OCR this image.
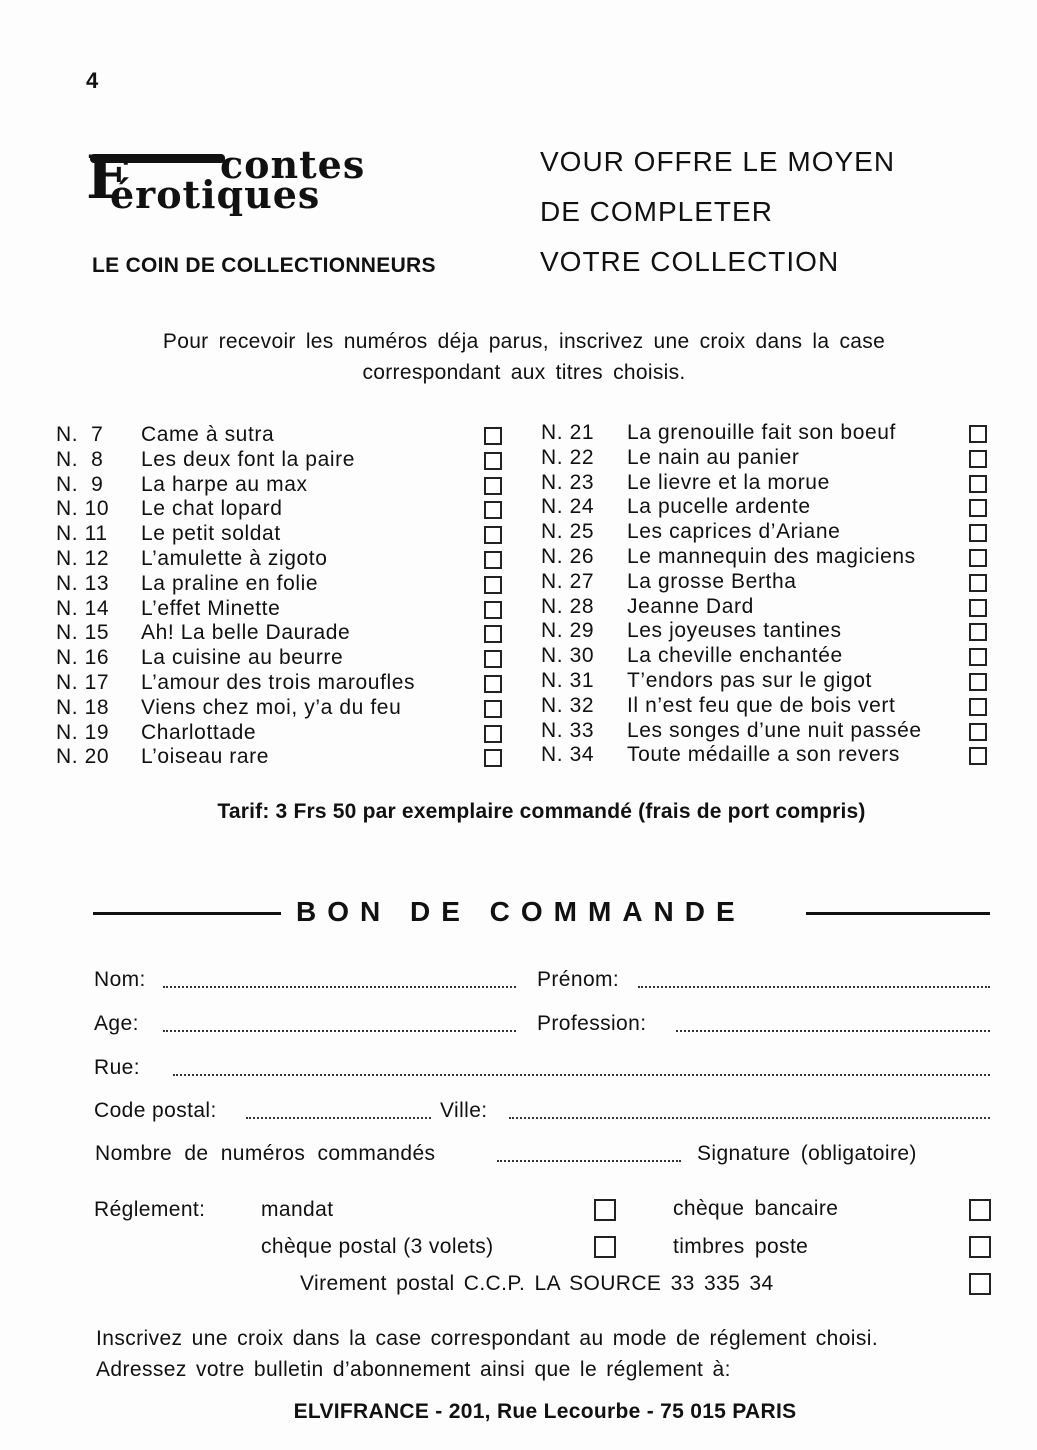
4
F contes
érotiques
LE COIN DE COLLECTIONNEURS
VOUR OFFRE LE MOYEN
DE COMPLETER
VOTRE COLLECTION
Pour recevoir les numéros déja parus, inscrivez une croix dans la case
correspondant aux titres choisis.
N.  7 Came à sutra
N.  8 Les deux font la paire
N.  9 La harpe au max
N. 10 Le chat lopard
N. 11 Le petit soldat
N. 12 L’amulette à zigoto
N. 13 La praline en folie
N. 14 L’effet Minette
N. 15 Ah! La belle Daurade
N. 16 La cuisine au beurre
N. 17 L’amour des trois maroufles
N. 18 Viens chez moi, y’a du feu
N. 19 Charlottade
N. 20 L’oiseau rare
N. 21 La grenouille fait son boeuf
N. 22 Le nain au panier
N. 23 Le lievre et la morue
N. 24 La pucelle ardente
N. 25 Les caprices d’Ariane
N. 26 Le mannequin des magiciens
N. 27 La grosse Bertha
N. 28 Jeanne Dard
N. 29 Les joyeuses tantines
N. 30 La cheville enchantée
N. 31 T’endors pas sur le gigot
N. 32 Il n’est feu que de bois vert
N. 33 Les songes d’une nuit passée
N. 34 Toute médaille a son revers
Tarif: 3 Frs 50 par exemplaire commandé (frais de port compris)
BON DE COMMANDE
Nom:	Prénom:
Age:	Profession:
Rue:
Code postal:	Ville:
Nombre de numéros commandés	Signature (obligatoire)
Réglement:	mandat	chèque bancaire
chèque postal (3 volets)	timbres poste
Virement postal C.C.P. LA SOURCE 33 335 34
Inscrivez une croix dans la case correspondant au mode de réglement choisi.
Adressez votre bulletin d’abonnement ainsi que le réglement à:
ELVIFRANCE - 201, Rue Lecourbe - 75 015 PARIS
